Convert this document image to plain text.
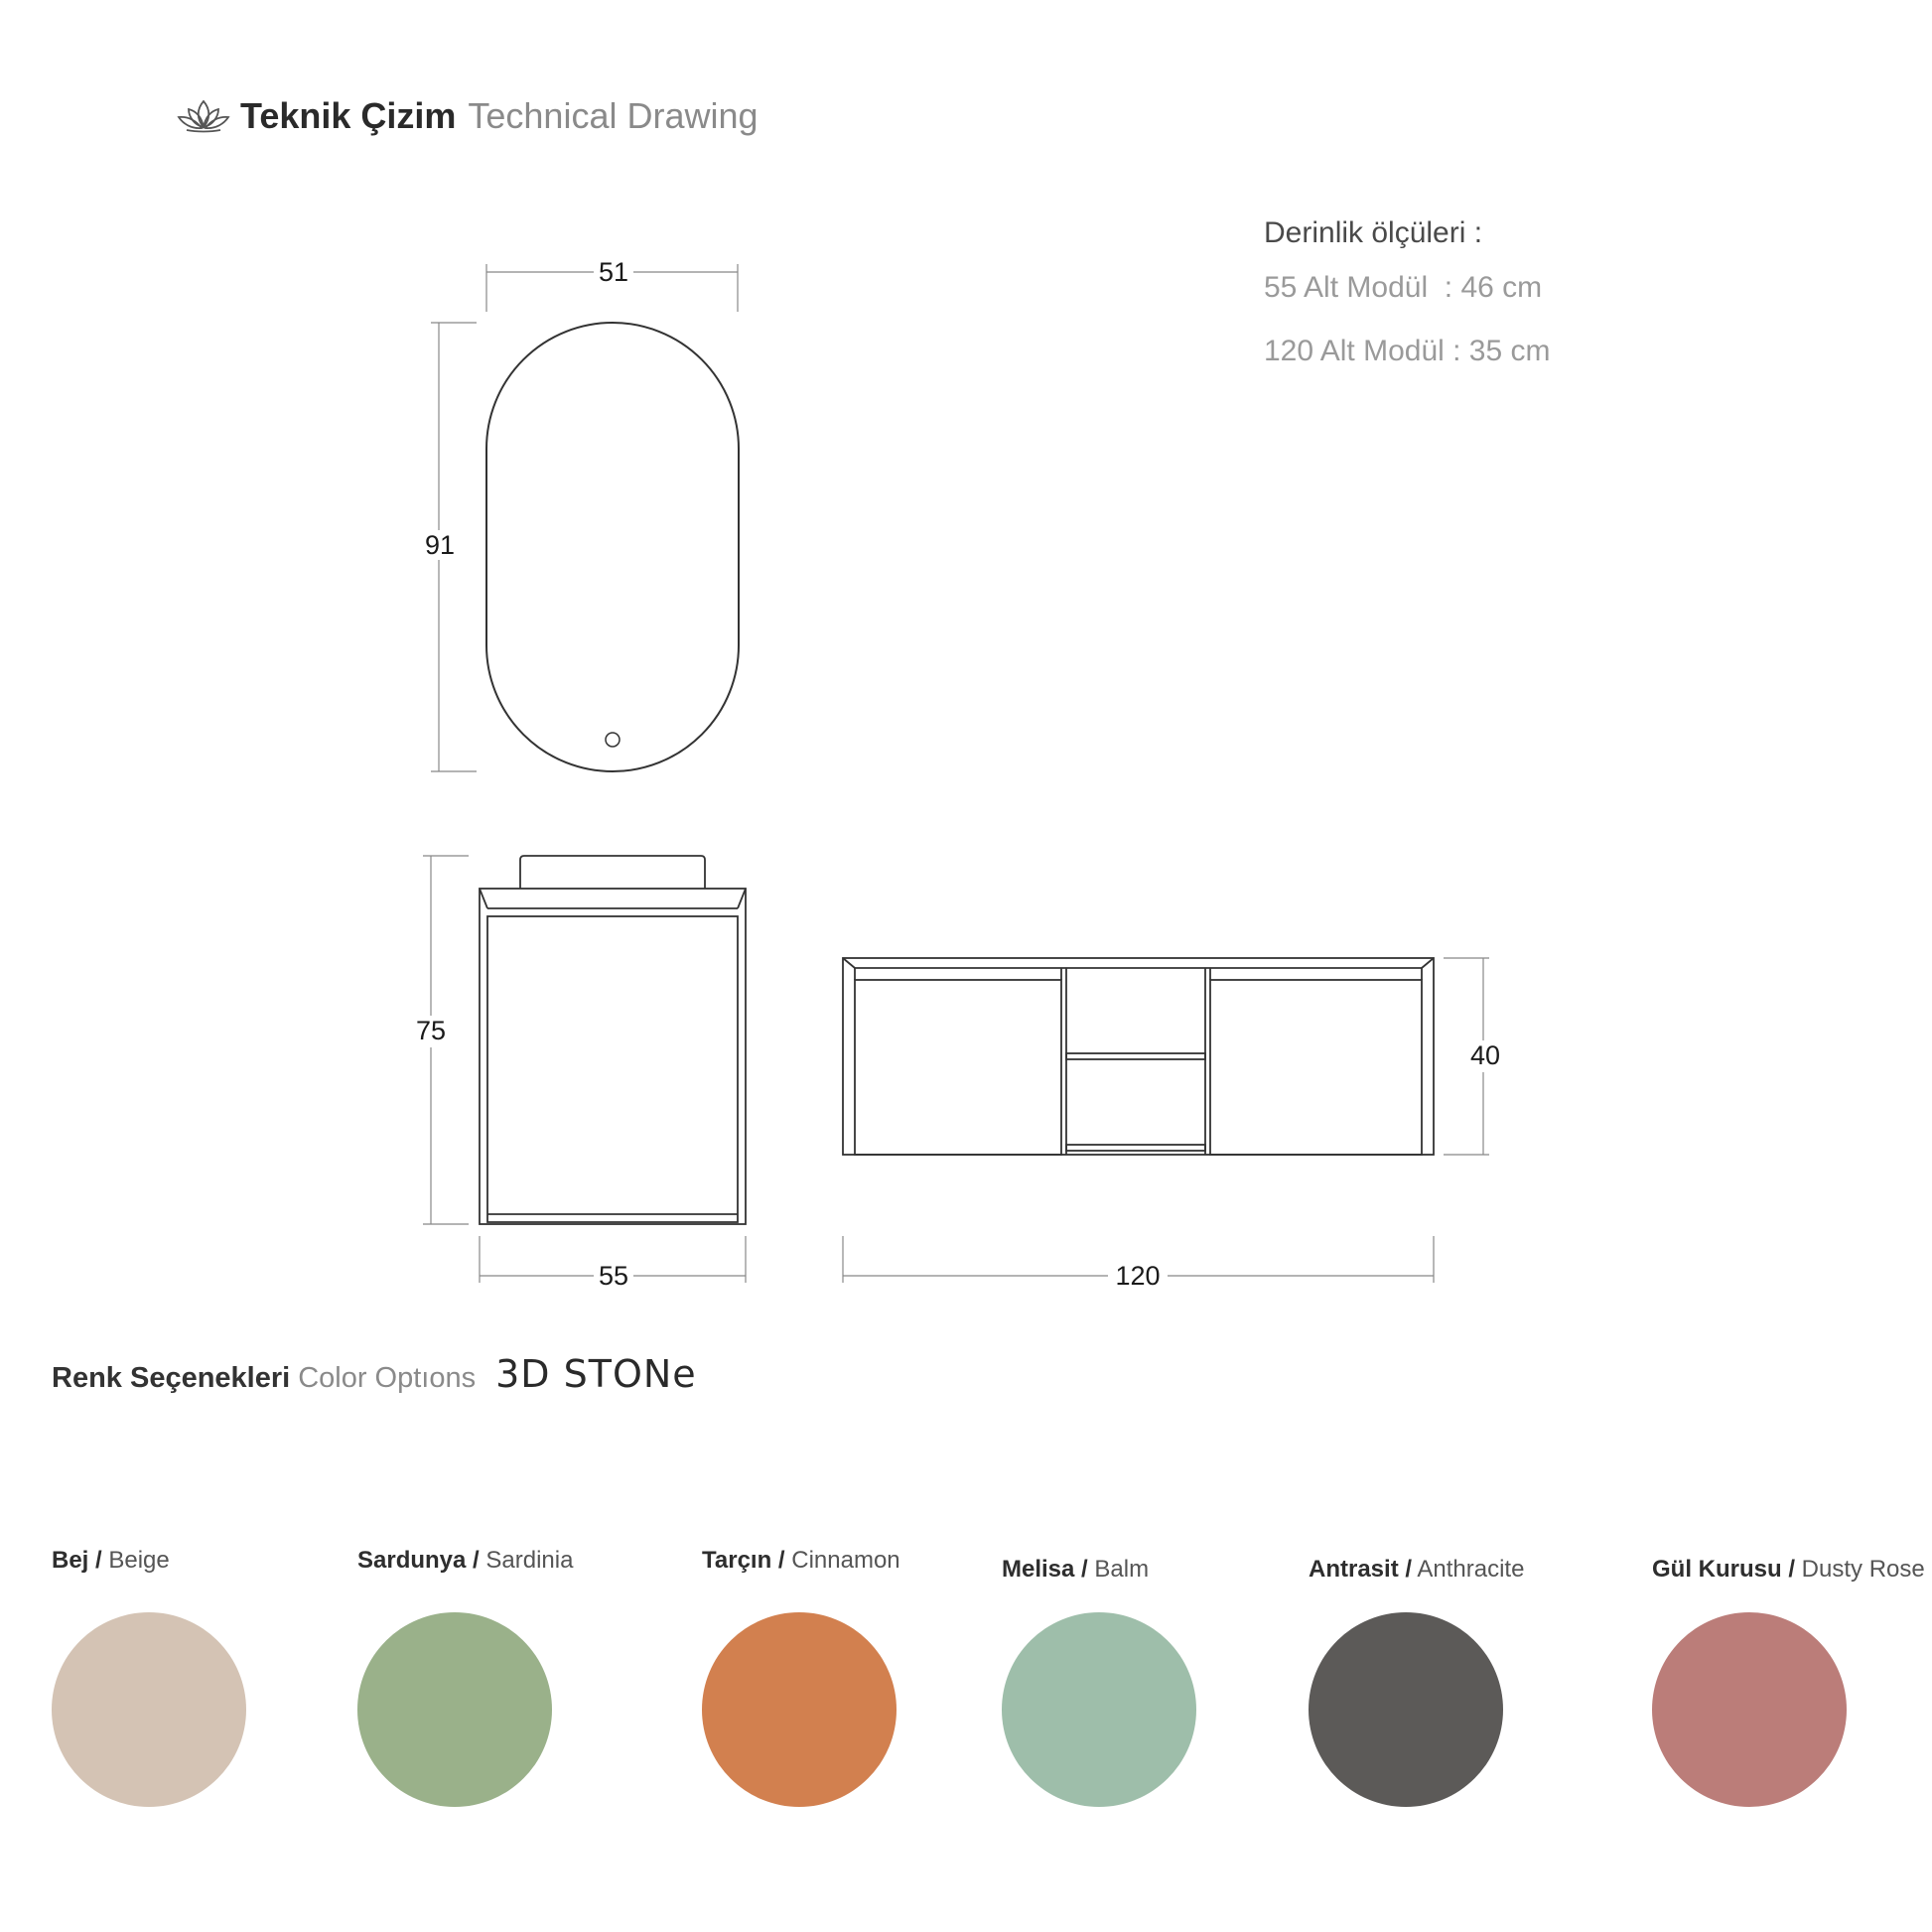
Teknik Çizim Technical Drawing
Derinlik ölçüleri :
55 Alt Modül  : 46 cm
120 Alt Modül : 35 cm
51
91
75
55
40
120
Renk Seçenekleri Color Optıons 3D STONe
Bej / Beige	Sardunya / Sardinia	Tarçın / Cinnamon	Melisa / Balm	Antrasit / Anthracite	Gül Kurusu / Dusty Rose
